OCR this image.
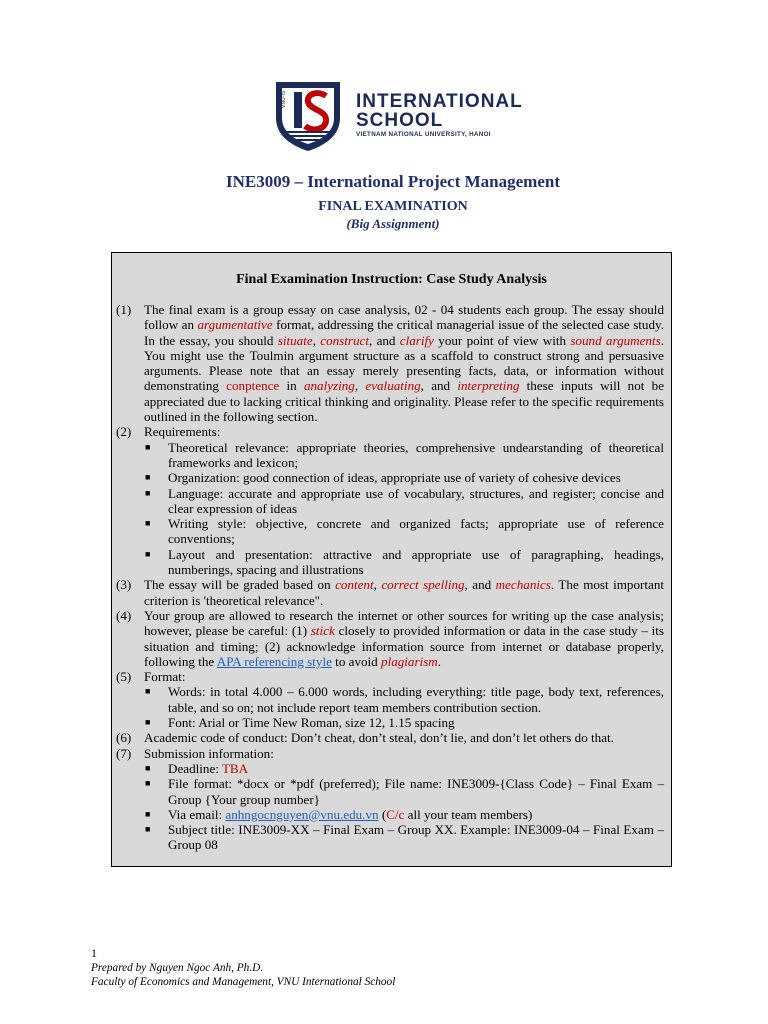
VNU-IS	INTERNATIONAL
SCHOOL
VIETNAM NATIONAL UNIVERSITY, HANOI
INE3009 – International Project Management
FINAL EXAMINATION
(Big Assignment)
Final Examination Instruction: Case Study Analysis
(1) The final exam is a group essay on case analysis, 02 - 04 students each group. The essay should follow an argumentative format, addressing the critical managerial issue of the selected case study. In the essay, you should situate, construct, and clarify your point of view with sound arguments. You might use the Toulmin argument structure as a scaffold to construct strong and persuasive arguments. Please note that an essay merely presenting facts, data, or information without demonstrating conptence in analyzing, evaluating, and interpreting these inputs will not be appreciated due to lacking critical thinking and originality. Please refer to the specific requirements outlined in the following section.
(2) Requirements:
■	Theoretical relevance: appropriate theories, comprehensive undearstanding of theoretical frameworks and lexicon;
■	Organization: good connection of ideas, appropriate use of variety of cohesive devices
■	Language: accurate and appropriate use of vocabulary, structures, and register; concise and clear expression of ideas
■	Writing style: objective, concrete and organized facts; appropriate use of reference conventions;
■	Layout and presentation: attractive and appropriate use of paragraphing, headings, numberings, spacing and illustrations
(3) The essay will be graded based on content, correct spelling, and mechanics. The most important criterion is 'theoretical relevance".
(4) Your group are allowed to research the internet or other sources for writing up the case analysis; however, please be careful: (1) stick closely to provided information or data in the case study – its situation and timing; (2) acknowledge information source from internet or database properly, following the APA referencing style to avoid plagiarism.
(5) Format:
■	Words: in total 4.000 – 6.000 words, including everything: title page, body text, references, table, and so on; not include report team members contribution section.
■	Font: Arial or Time New Roman, size 12, 1.15 spacing
(6) Academic code of conduct: Don’t cheat, don’t steal, don’t lie, and don’t let others do that.
(7) Submission information:
■	Deadline: TBA
■	File format: *docx or *pdf (preferred); File name: INE3009-{Class Code} – Final Exam – Group {Your group number}
■	Via email: anhngocnguyen@vnu.edu.vn (C/c all your team members)
■	Subject title: INE3009-XX – Final Exam – Group XX. Example: INE3009-04 – Final Exam – Group 08
1
Prepared by Nguyen Ngoc Anh, Ph.D.
Faculty of Economics and Management, VNU International School
